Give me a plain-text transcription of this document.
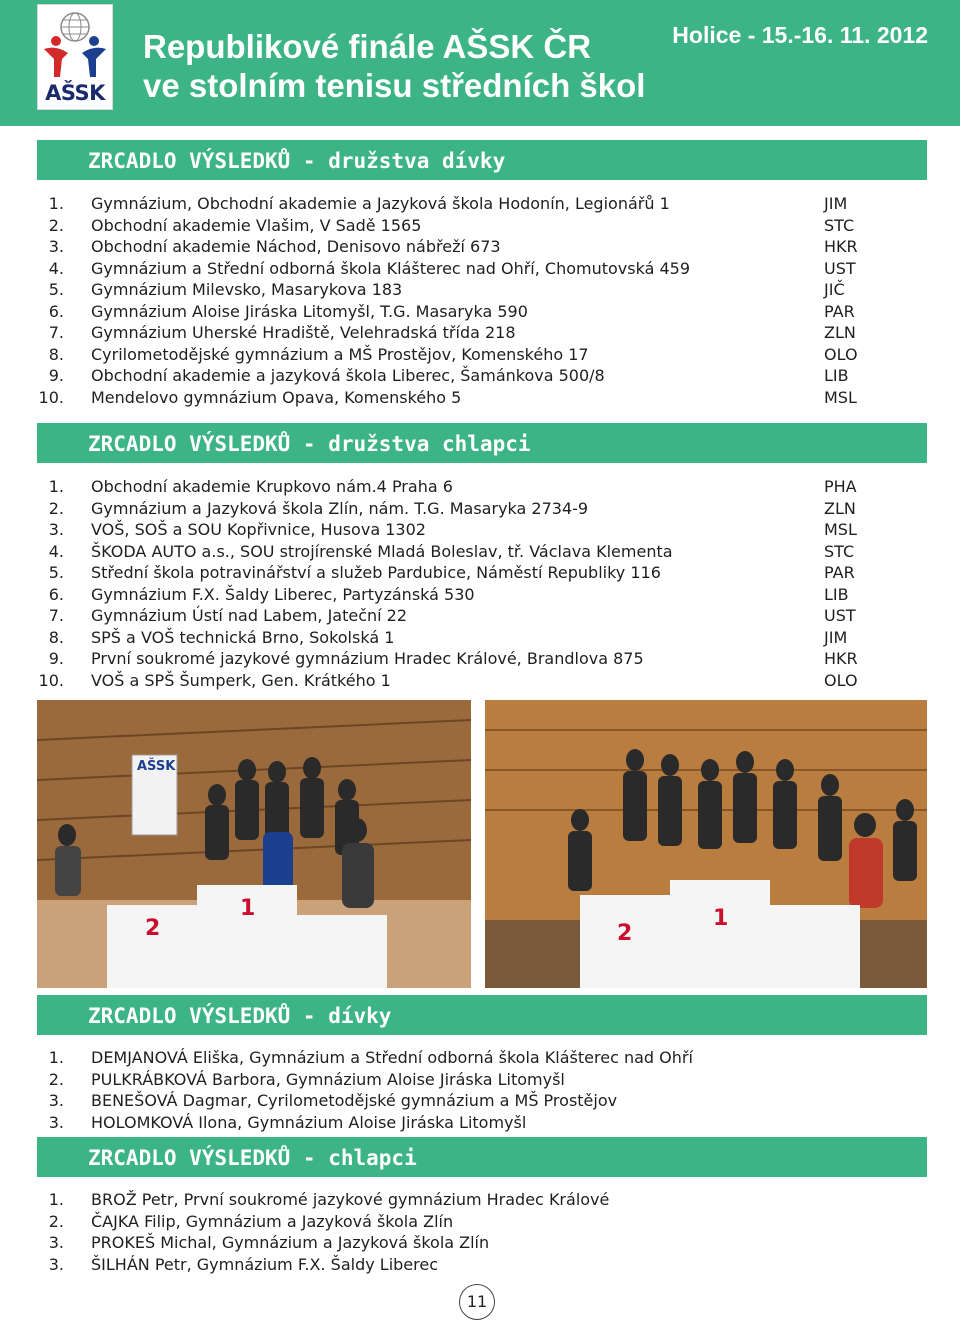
AŠSK
Republikové finále AŠSK ČR
ve stolním tenisu středních škol
Holice - 15.-16. 11. 2012
ZRCADLO VÝSLEDKŮ - družstva dívky
1. Gymnázium, Obchodní akademie a Jazyková škola Hodonín, Legionářů 1	JIM
2. Obchodní akademie Vlašim, V Sadě 1565	STC
3. Obchodní akademie Náchod, Denisovo nábřeží 673	HKR
4. Gymnázium a Střední odborná škola Klášterec nad Ohří, Chomutovská 459	UST
5. Gymnázium Milevsko, Masarykova 183	JIČ
6. Gymnázium Aloise Jiráska Litomyšl, T.G. Masaryka 590	PAR
7. Gymnázium Uherské Hradiště, Velehradská třída 218	ZLN
8. Cyrilometodějské gymnázium a MŠ Prostějov, Komenského 17	OLO
9. Obchodní akademie a jazyková škola Liberec, Šamánkova 500/8	LIB
10. Mendelovo gymnázium Opava, Komenského 5	MSL
ZRCADLO VÝSLEDKŮ - družstva chlapci
1. Obchodní akademie Krupkovo nám.4 Praha 6	PHA
2. Gymnázium a Jazyková škola Zlín, nám. T.G. Masaryka 2734-9	ZLN
3. VOŠ, SOŠ a SOU Kopřivnice, Husova 1302	MSL
4. ŠKODA AUTO a.s., SOU strojírenské Mladá Boleslav, tř. Václava Klementa	STC
5. Střední škola potravinářství a služeb Pardubice, Náměstí Republiky 116	PAR
6. Gymnázium F.X. Šaldy Liberec, Partyzánská 530	LIB
7. Gymnázium Ústí nad Labem, Jateční 22	UST
8. SPŠ a VOŠ technická Brno, Sokolská 1	JIM
9. První soukromé jazykové gymnázium Hradec Králové, Brandlova 875	HKR
10. VOŠ a SPŠ Šumperk, Gen. Krátkého 1	OLO
AŠSK
2
1
2
1
ZRCADLO VÝSLEDKŮ - dívky
1. DEMJANOVÁ Eliška, Gymnázium a Střední odborná škola Klášterec nad Ohří
2. PULKRÁBKOVÁ Barbora, Gymnázium Aloise Jiráska Litomyšl
3. BENEŠOVÁ Dagmar, Cyrilometodějské gymnázium a MŠ Prostějov
3. HOLOMKOVÁ Ilona, Gymnázium Aloise Jiráska Litomyšl
ZRCADLO VÝSLEDKŮ - chlapci
1. BROŽ Petr, První soukromé jazykové gymnázium Hradec Králové
2. ČAJKA Filip, Gymnázium a Jazyková škola Zlín
3. PROKEŠ Michal, Gymnázium a Jazyková škola Zlín
3. ŠILHÁN Petr, Gymnázium F.X. Šaldy Liberec
11
